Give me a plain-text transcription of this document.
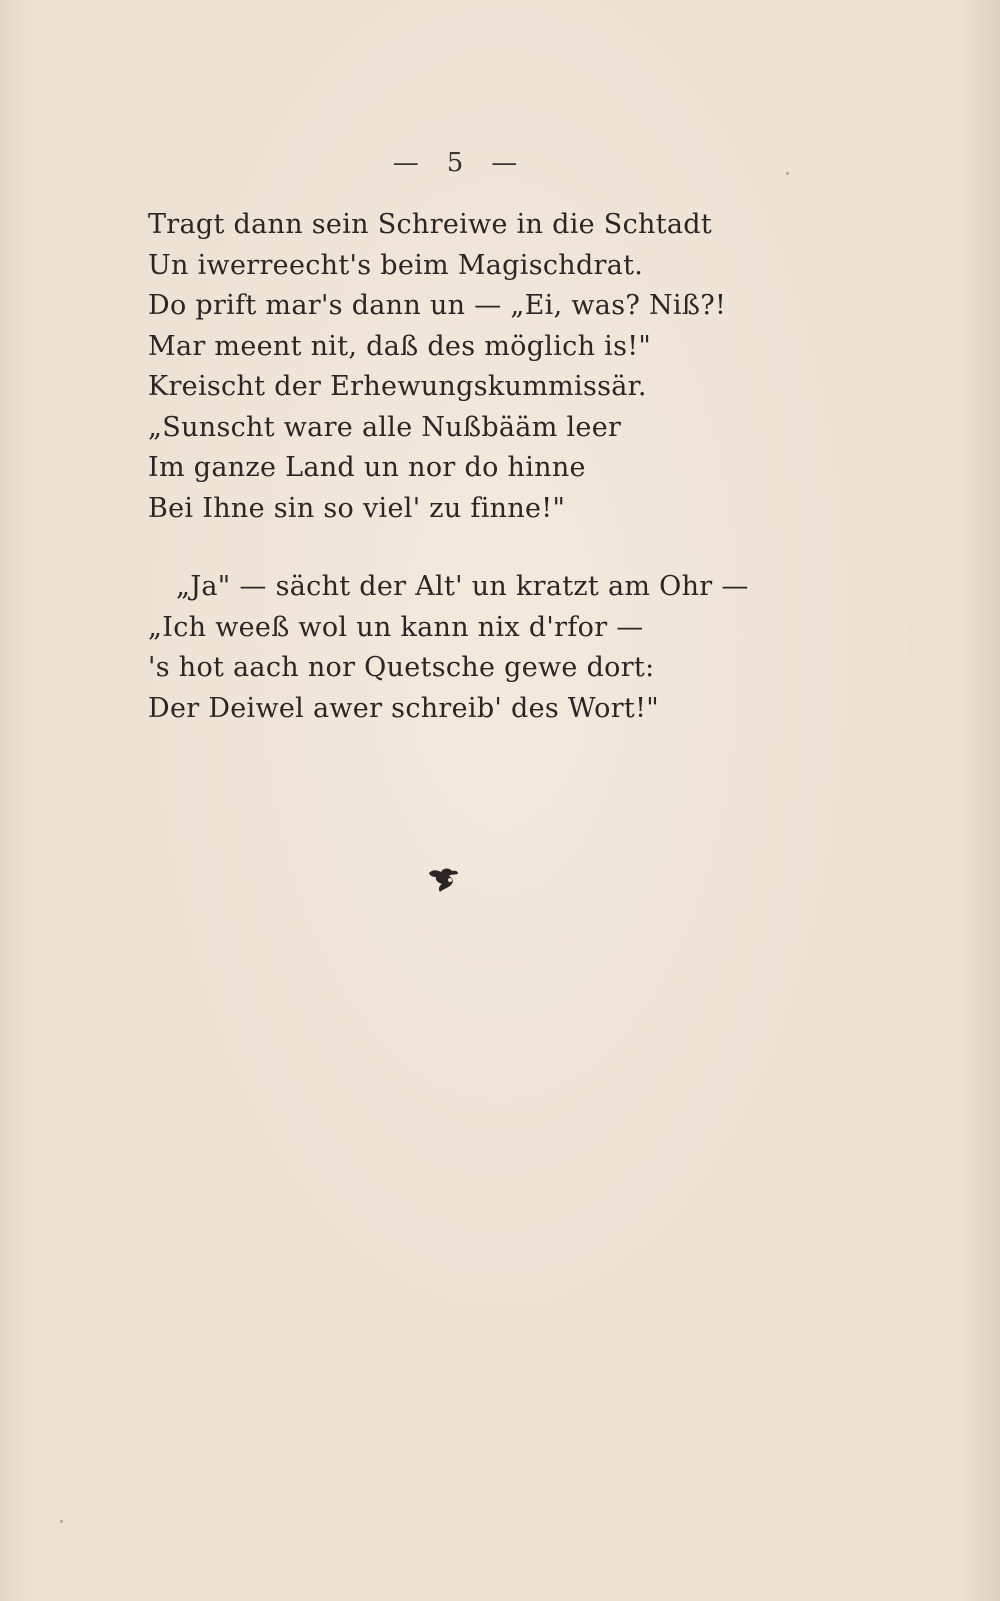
— 5 —
Tragt dann sein Schreiwe in die Schtadt
Un iwerreecht's beim Magischdrat.
Do prift mar's dann un — „Ei, was? Niß?!
Mar meent nit, daß des möglich is!"
Kreischt der Erhewungskummissär.
„Sunscht ware alle Nußbääm leer
Im ganze Land un nor do hinne
Bei Ihne sin so viel' zu finne!"
„Ja" — sächt der Alt' un kratzt am Ohr —
„Ich weeß wol un kann nix d'rfor —
's hot aach nor Quetsche gewe dort:
Der Deiwel awer schreib' des Wort!"
